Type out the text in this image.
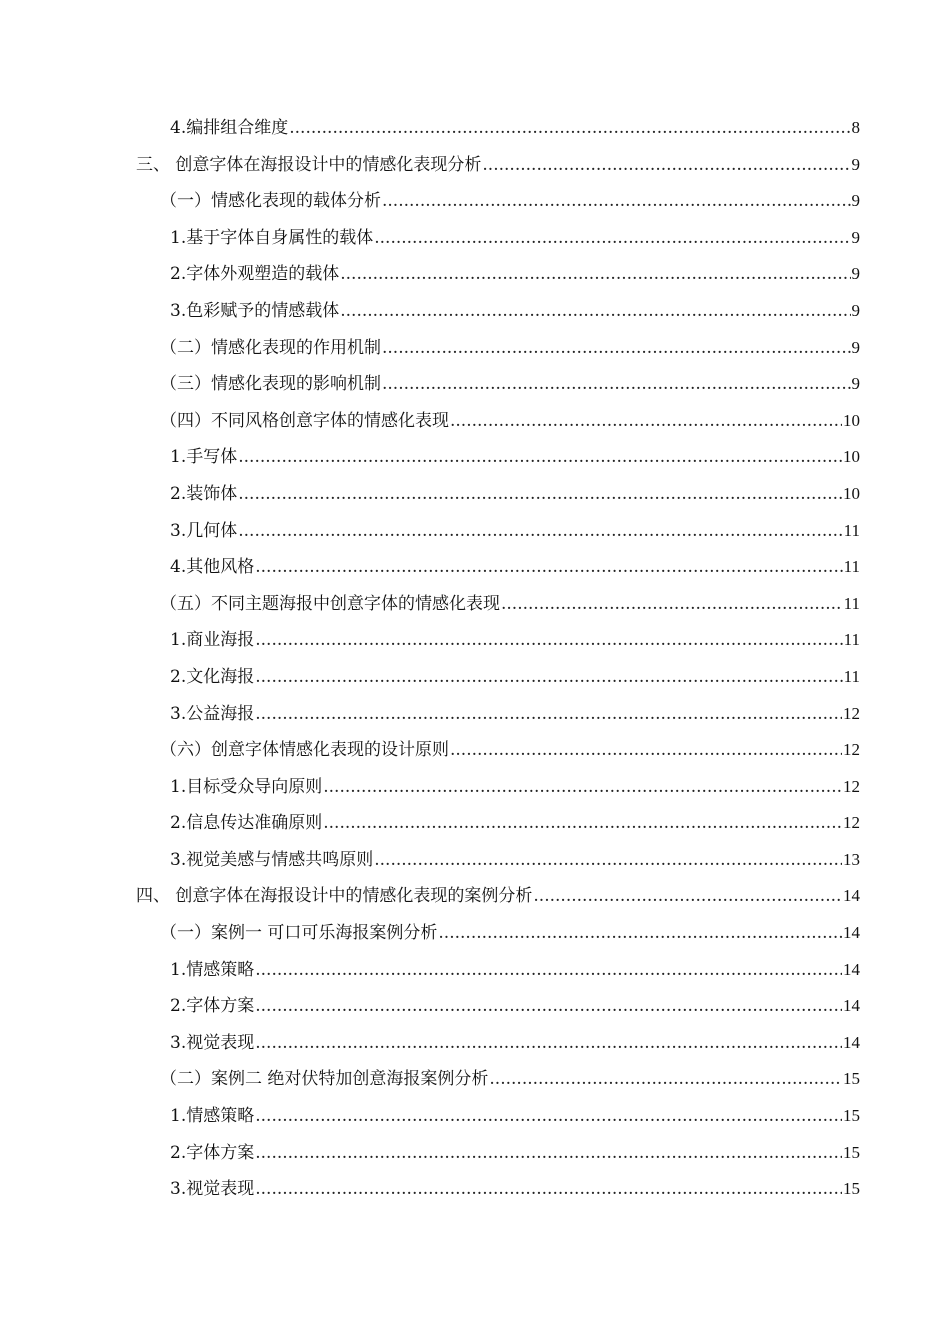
4.编排组合维度 .....	8
三、 创意字体在海报设计中的情感化表现分析 .....	9
（一）情感化表现的载体分析 .....	9
1.基于字体自身属性的载体 .....	9
2.字体外观塑造的载体 .....	9
3.色彩赋予的情感载体 .....	9
（二）情感化表现的作用机制 .....	9
（三）情感化表现的影响机制 .....	9
（四）不同风格创意字体的情感化表现 .....	10
1.手写体 .....	10
2.装饰体 .....	10
3.几何体 .....	11
4.其他风格 .....	11
（五）不同主题海报中创意字体的情感化表现 .....	11
1.商业海报 .....	11
2.文化海报 .....	11
3.公益海报 .....	12
（六）创意字体情感化表现的设计原则 .....	12
1.目标受众导向原则 .....	12
2.信息传达准确原则 .....	12
3.视觉美感与情感共鸣原则 .....	13
四、 创意字体在海报设计中的情感化表现的案例分析 .....	14
（一）案例一 可口可乐海报案例分析 .....	14
1.情感策略 .....	14
2.字体方案 .....	14
3.视觉表现 .....	14
（二）案例二 绝对伏特加创意海报案例分析 .....	15
1.情感策略 .....	15
2.字体方案 .....	15
3.视觉表现 .....	15
